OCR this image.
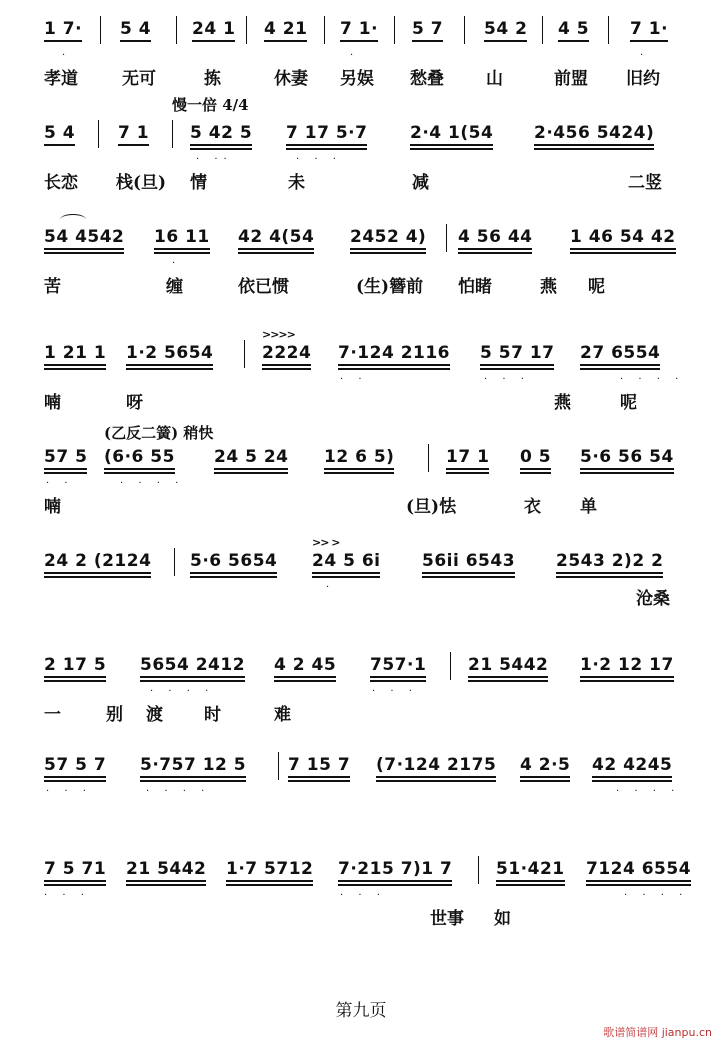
1 7· 5 4 24 1 4 21 7 1· 5 7 54 2 4 5 7 1·
·	·	·
孝道	无可	拣	休妻 另娱 愁叠 山	前盟 旧约
慢一倍 4/4
5 4	7 1 5 42 5 7 17 5·7	2·4 1(54 2·456 5424)
· ··	· · ·
长恋 栈(旦) 情	未	减	二竖
54 4542 16 11 42 4(54 2452 4) 4 56 44 1 46 54 42
·
苦	缠	依已惯	(生)簪前 怕睹	燕 呢
>>>>
1 21 1 1·2 5654	2224 7·124 2116 5 57 17 27 6554
· ·	· · ·	· · · ·
喃	呀	燕	呢
(乙反二簧) 稍快
57 5 (6·6 55 24 5 24 12 6 5)	17 1 0 5 5·6 56 54
· ·	· · · ·
喃	(旦)怯	衣 单
>> >
24 2 (2124 5·6 5654 24 5 6i 56ii 6543 2543 2)2 2
·
沧桑
2 17 5 5654 2412 4 2 45 757·1 21 5442 1·2 12 17
· · · ·	· · ·
一	别 渡 时	难
57 5 7 5·757 12 5 7 15 7 (7·124 2175 4 2·5 42 4245
· · ·	· · · ·	· · · ·
7 5 71 21 5442 1·7 5712 7·215 7)1 7	51·421 7124 6554
· · ·	· · ·	· · · ·
世事 如
第九页
歌谱简谱网 jianpu.cn
